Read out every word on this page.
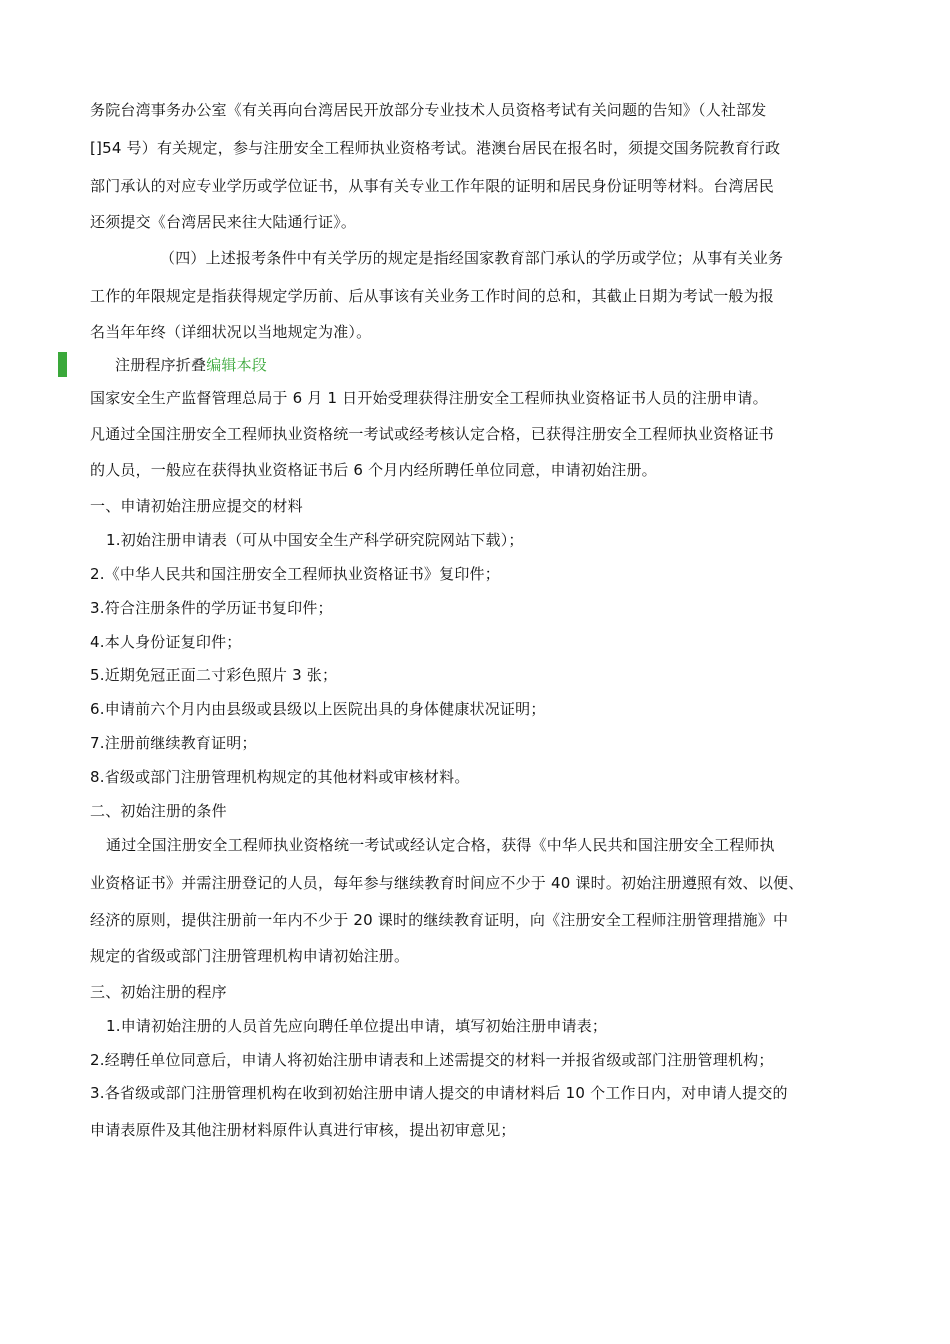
务院台湾事务办公室《有关再向台湾居民开放部分专业技术人员资格考试有关问题的告知》（人社部发
[]54 号）有关规定，参与注册安全工程师执业资格考试。港澳台居民在报名时，须提交国务院教育行政
部门承认的对应专业学历或学位证书，从事有关专业工作年限的证明和居民身份证明等材料。台湾居民
还须提交《台湾居民来往大陆通行证》。
（四）上述报考条件中有关学历的规定是指经国家教育部门承认的学历或学位；从事有关业务
工作的年限规定是指获得规定学历前、后从事该有关业务工作时间的总和，其截止日期为考试一般为报
名当年年终（详细状况以当地规定为准）。
注册程序折叠编辑本段
国家安全生产监督管理总局于 6 月 1 日开始受理获得注册安全工程师执业资格证书人员的注册申请。
凡通过全国注册安全工程师执业资格统一考试或经考核认定合格，已获得注册安全工程师执业资格证书
的人员，一般应在获得执业资格证书后 6 个月内经所聘任单位同意，申请初始注册。
一、申请初始注册应提交的材料
1.初始注册申请表（可从中国安全生产科学研究院网站下载）；
2.《中华人民共和国注册安全工程师执业资格证书》复印件；
3.符合注册条件的学历证书复印件；
4.本人身份证复印件；
5.近期免冠正面二寸彩色照片 3 张；
6.申请前六个月内由县级或县级以上医院出具的身体健康状况证明；
7.注册前继续教育证明；
8.省级或部门注册管理机构规定的其他材料或审核材料。
二、初始注册的条件
通过全国注册安全工程师执业资格统一考试或经认定合格，获得《中华人民共和国注册安全工程师执
业资格证书》并需注册登记的人员，每年参与继续教育时间应不少于 40 课时。初始注册遵照有效、以便、
经济的原则，提供注册前一年内不少于 20 课时的继续教育证明，向《注册安全工程师注册管理措施》中
规定的省级或部门注册管理机构申请初始注册。
三、初始注册的程序
1.申请初始注册的人员首先应向聘任单位提出申请，填写初始注册申请表；
2.经聘任单位同意后，申请人将初始注册申请表和上述需提交的材料一并报省级或部门注册管理机构；
3.各省级或部门注册管理机构在收到初始注册申请人提交的申请材料后 10 个工作日内，对申请人提交的
申请表原件及其他注册材料原件认真进行审核，提出初审意见；
